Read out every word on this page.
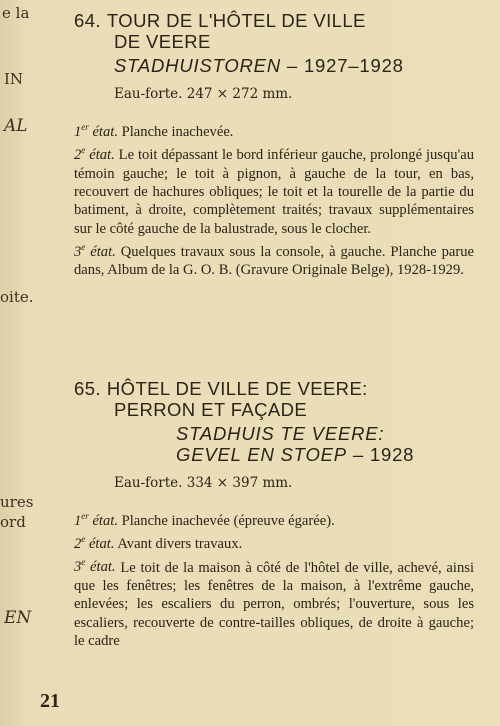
e la
IN
AL
oite.
ures
ord
EN
64. TOUR DE L'HÔTEL DE VILLE
DE VEERE
STADHUISTOREN – 1927–1928
Eau-forte. 247 × 272 mm.
1er état. Planche inachevée.
2e état. Le toit dépassant le bord inférieur gauche, prolongé jusqu'au témoin gauche; le toit à pignon, à gauche de la tour, en bas, recouvert de hachures obliques; le toit et la tourelle de la partie du batiment, à droite, complètement traités; travaux supplémentaires sur le côté gauche de la balustrade, sous le clocher.
3e état. Quelques travaux sous la console, à gauche. Planche parue dans, Album de la G. O. B. (Gravure Originale Belge), 1928-1929.
65. HÔTEL DE VILLE DE VEERE:
PERRON ET FAÇADE
STADHUIS TE VEERE:
GEVEL EN STOEP – 1928
Eau-forte. 334 × 397 mm.
1er état. Planche inachevée (épreuve égarée).
2e état. Avant divers travaux.
3e état. Le toit de la maison à côté de l'hôtel de ville, achevé, ainsi que les fenêtres; les fenêtres de la maison, à l'extrême gauche, enlevées; les escaliers du perron, ombrés; l'ouverture, sous les escaliers, recouverte de contre-tailles obliques, de droite à gauche; le cadre
21
